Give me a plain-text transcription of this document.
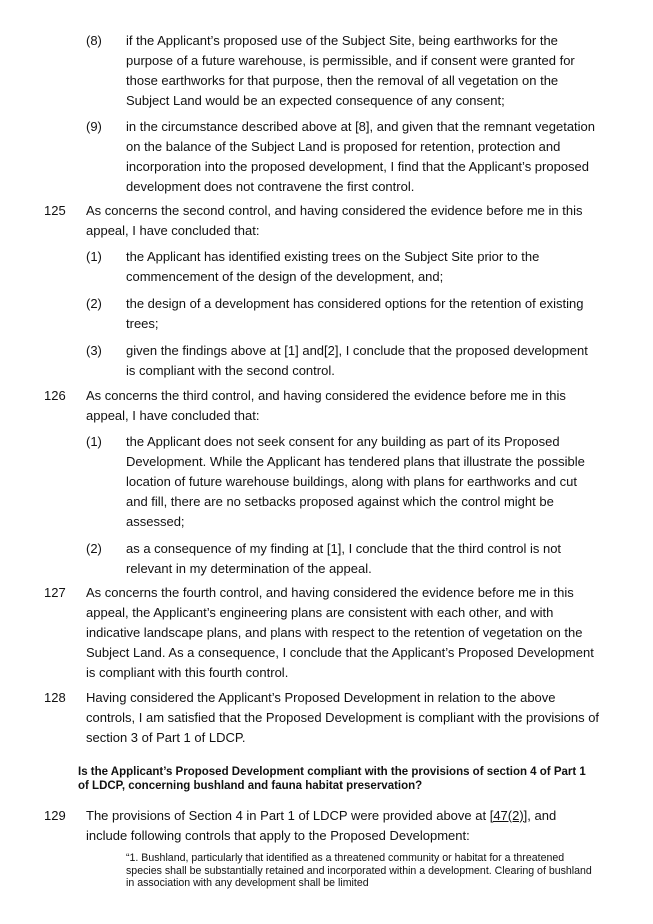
(8) if the Applicant’s proposed use of the Subject Site, being earthworks for the purpose of a future warehouse, is permissible, and if consent were granted for those earthworks for that purpose, then the removal of all vegetation on the Subject Land would be an expected consequence of any consent;
(9) in the circumstance described above at [8], and given that the remnant vegetation on the balance of the Subject Land is proposed for retention, protection and incorporation into the proposed development, I find that the Applicant’s proposed development does not contravene the first control.
125 As concerns the second control, and having considered the evidence before me in this appeal, I have concluded that:
(1) the Applicant has identified existing trees on the Subject Site prior to the commencement of the design of the development, and;
(2) the design of a development has considered options for the retention of existing trees;
(3) given the findings above at [1] and[2], I conclude that the proposed development is compliant with the second control.
126 As concerns the third control, and having considered the evidence before me in this appeal, I have concluded that:
(1) the Applicant does not seek consent for any building as part of its Proposed Development. While the Applicant has tendered plans that illustrate the possible location of future warehouse buildings, along with plans for earthworks and cut and fill, there are no setbacks proposed against which the control might be assessed;
(2) as a consequence of my finding at [1], I conclude that the third control is not relevant in my determination of the appeal.
127 As concerns the fourth control, and having considered the evidence before me in this appeal, the Applicant’s engineering plans are consistent with each other, and with indicative landscape plans, and plans with respect to the retention of vegetation on the Subject Land. As a consequence, I conclude that the Applicant’s Proposed Development is compliant with this fourth control.
128 Having considered the Applicant’s Proposed Development in relation to the above controls, I am satisfied that the Proposed Development is compliant with the provisions of section 3 of Part 1 of LDCP.
Is the Applicant’s Proposed Development compliant with the provisions of section 4 of Part 1 of LDCP, concerning bushland and fauna habitat preservation?
129 The provisions of Section 4 in Part 1 of LDCP were provided above at [47(2)], and include following controls that apply to the Proposed Development:
“1. Bushland, particularly that identified as a threatened community or habitat for a threatened species shall be substantially retained and incorporated within a development. Clearing of bushland in association with any development shall be limited
